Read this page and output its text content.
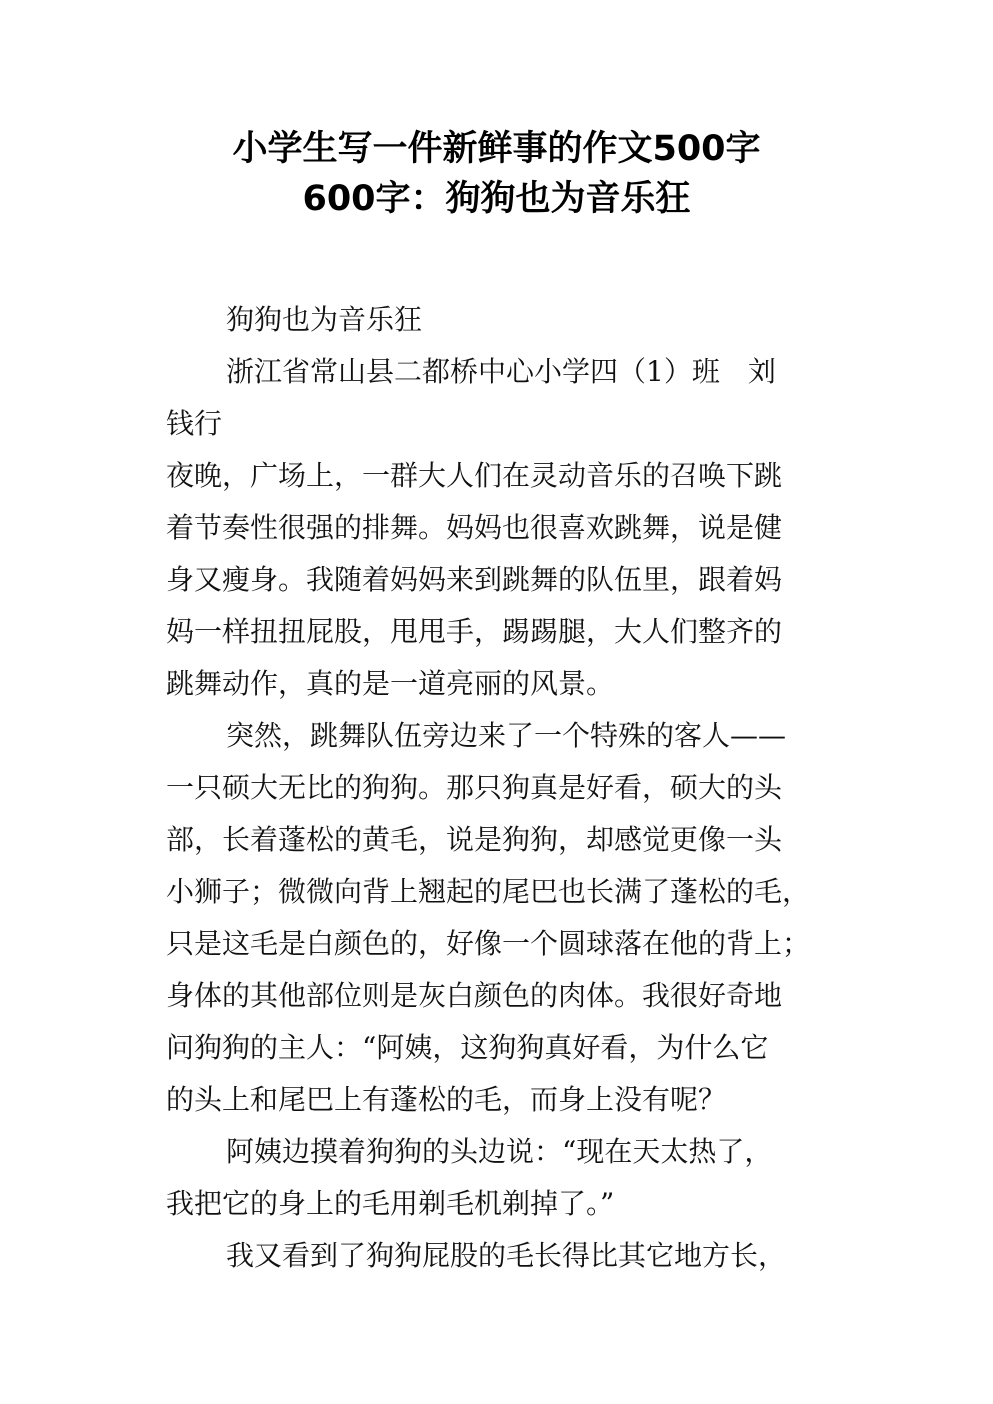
小学生写一件新鲜事的作文500字
600字：狗狗也为音乐狂
狗狗也为音乐狂
浙江省常山县二都桥中心小学四（1）班　刘
钱行
夜晚，广场上，一群大人们在灵动音乐的召唤下跳
着节奏性很强的排舞。妈妈也很喜欢跳舞，说是健
身又瘦身。我随着妈妈来到跳舞的队伍里，跟着妈
妈一样扭扭屁股，甩甩手，踢踢腿，大人们整齐的
跳舞动作，真的是一道亮丽的风景。
突然，跳舞队伍旁边来了一个特殊的客人——
一只硕大无比的狗狗。那只狗真是好看，硕大的头
部，长着蓬松的黄毛，说是狗狗，却感觉更像一头
小狮子；微微向背上翘起的尾巴也长满了蓬松的毛，
只是这毛是白颜色的，好像一个圆球落在他的背上；
身体的其他部位则是灰白颜色的肉体。我很好奇地
问狗狗的主人：“阿姨，这狗狗真好看，为什么它
的头上和尾巴上有蓬松的毛，而身上没有呢？
阿姨边摸着狗狗的头边说：“现在天太热了，
我把它的身上的毛用剃毛机剃掉了。”
我又看到了狗狗屁股的毛长得比其它地方长，
